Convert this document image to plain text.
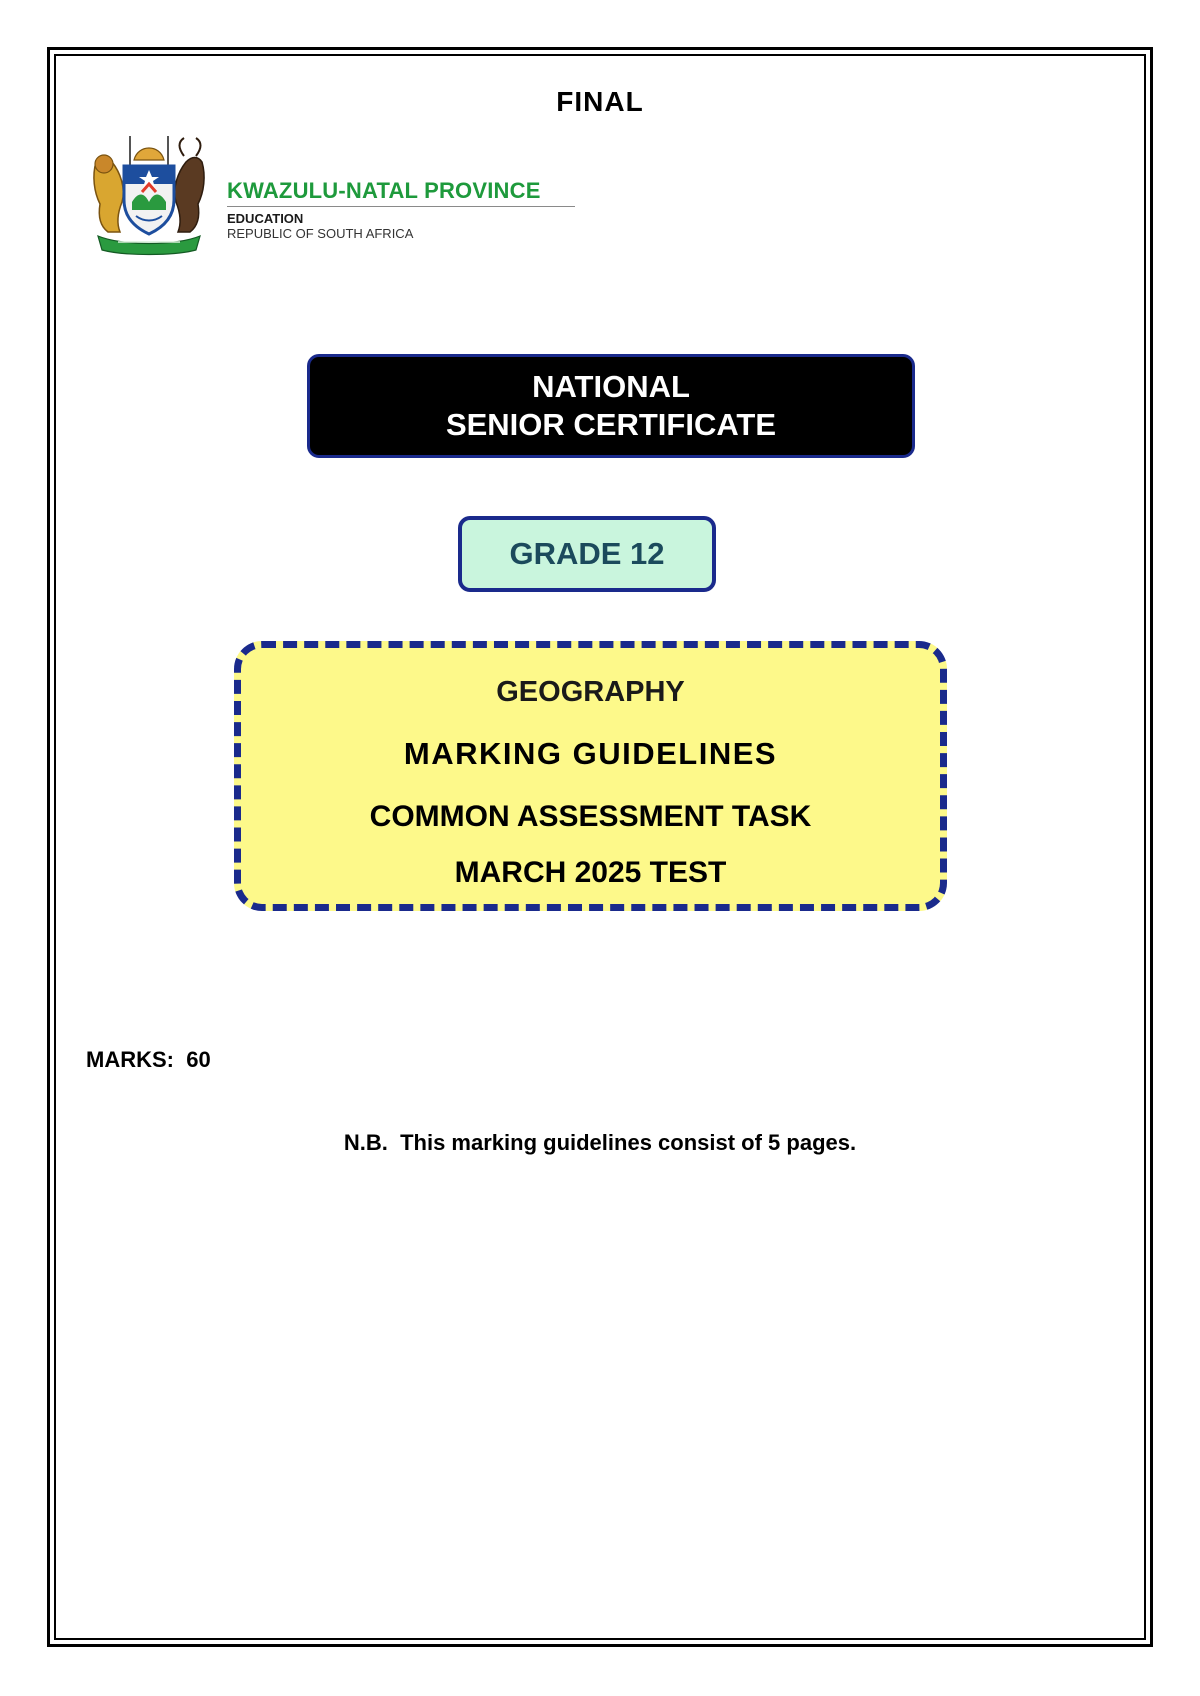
FINAL
KWAZULU-NATAL PROVINCE
EDUCATION
REPUBLIC OF SOUTH AFRICA
NATIONAL
SENIOR CERTIFICATE
GRADE 12
GEOGRAPHY
MARKING GUIDELINES
COMMON ASSESSMENT TASK
MARCH 2025 TEST
MARKS:  60
N.B.  This marking guidelines consist of 5 pages.
